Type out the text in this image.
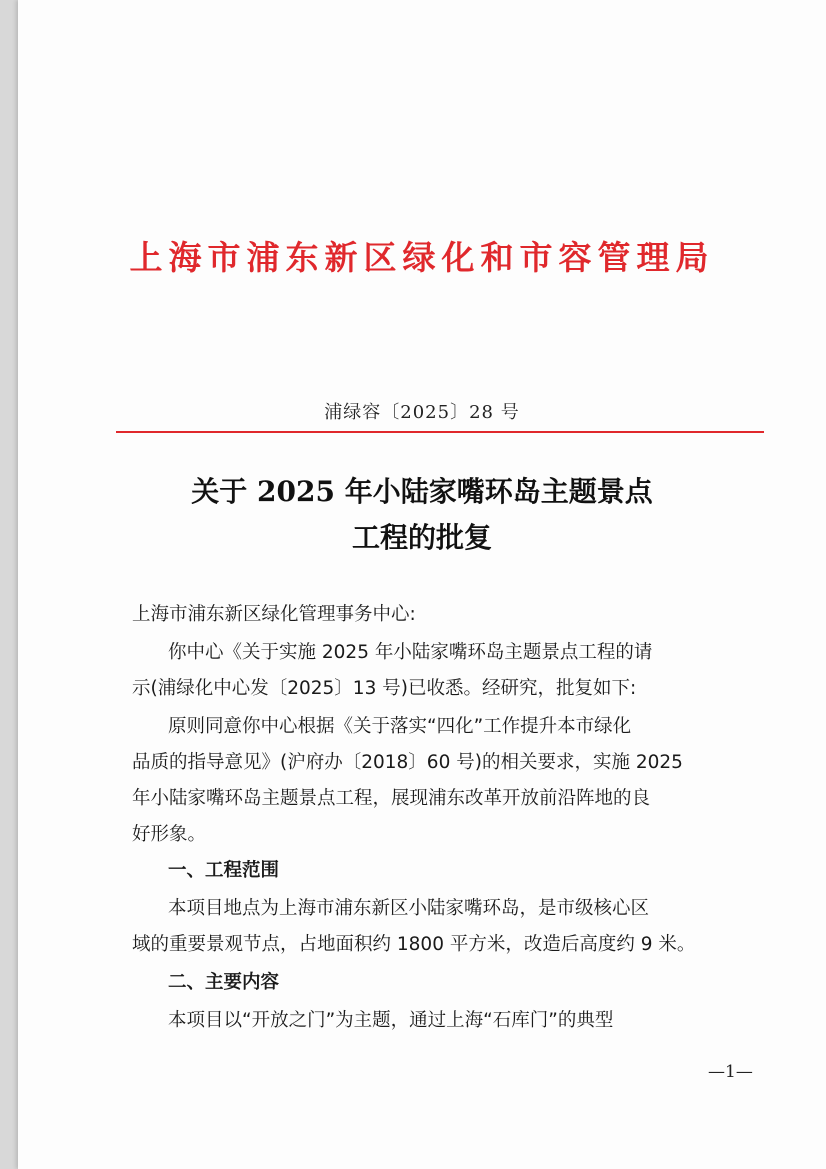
上海市浦东新区绿化和市容管理局
浦绿容〔2025〕28 号
关于 2025 年小陆家嘴环岛主题景点
工程的批复
上海市浦东新区绿化管理事务中心:
你中心《关于实施 2025 年小陆家嘴环岛主题景点工程的请
示(浦绿化中心发〔2025〕13 号)已收悉。经研究，批复如下:
原则同意你中心根据《关于落实“四化”工作提升本市绿化
品质的指导意见》(沪府办〔2018〕60 号)的相关要求，实施 2025
年小陆家嘴环岛主题景点工程，展现浦东改革开放前沿阵地的良
好形象。
一、工程范围
本项目地点为上海市浦东新区小陆家嘴环岛，是市级核心区
域的重要景观节点，占地面积约 1800 平方米，改造后高度约 9 米。
二、主要内容
本项目以“开放之门”为主题，通过上海“石库门”的典型
—1—
